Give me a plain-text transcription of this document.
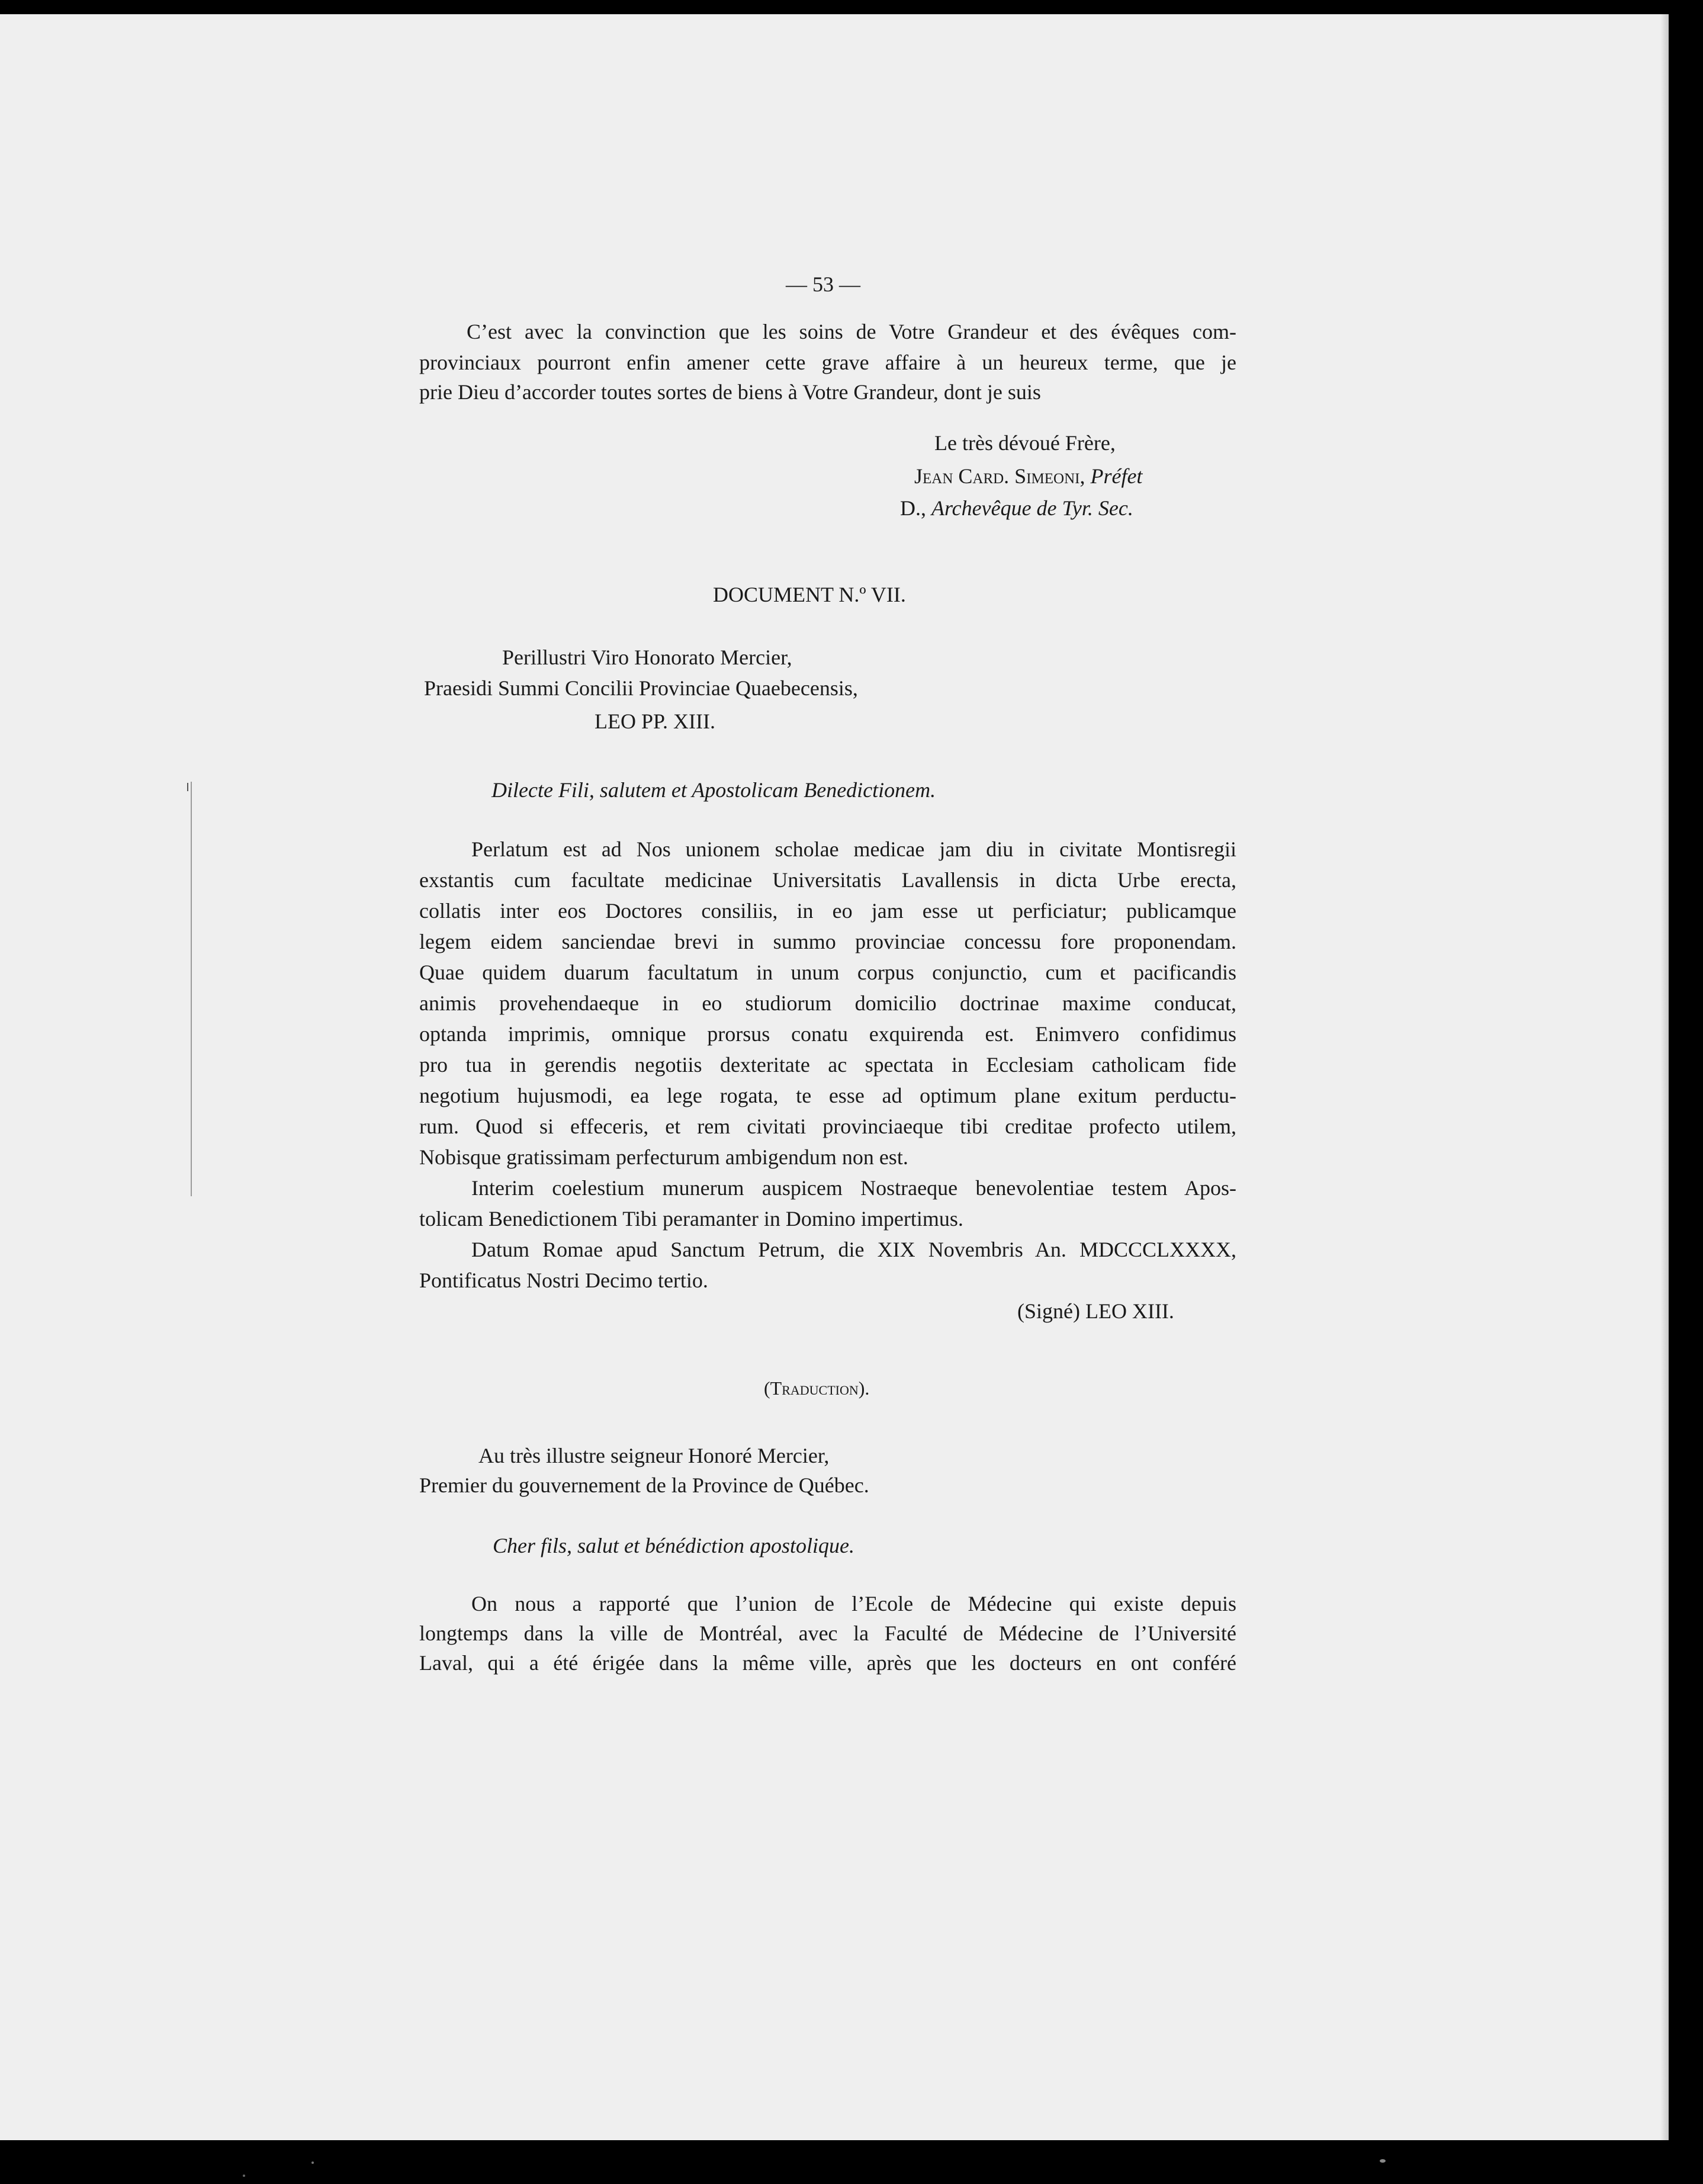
— 53 —
C’est avec la convinction que les soins de Votre Grandeur et des évêques com-
provinciaux pourront enfin amener cette grave affaire à un heureux terme, que je
prie Dieu d’accorder toutes sortes de biens à Votre Grandeur, dont je suis
Le très dévoué Frère,
Jean Card. Simeoni, Préfet
D., Archevêque de Tyr. Sec.
DOCUMENT N.º VII.
Perillustri Viro Honorato Mercier,
Praesidi Summi Concilii Provinciae Quaebecensis,
LEO PP. XIII.
Dilecte Fili, salutem et Apostolicam Benedictionem.
Perlatum est ad Nos unionem scholae medicae jam diu in civitate Montisregii
exstantis cum facultate medicinae Universitatis Lavallensis in dicta Urbe erecta,
collatis inter eos Doctores consiliis, in eo jam esse ut perficiatur; publicamque
legem eidem sanciendae brevi in summo provinciae concessu fore proponendam.
Quae quidem duarum facultatum in unum corpus conjunctio, cum et pacificandis
animis provehendaeque in eo studiorum domicilio doctrinae maxime conducat,
optanda imprimis, omnique prorsus conatu exquirenda est. Enimvero confidimus
pro tua in gerendis negotiis dexteritate ac spectata in Ecclesiam catholicam fide
negotium hujusmodi, ea lege rogata, te esse ad optimum plane exitum perductu-
rum. Quod si effeceris, et rem civitati provinciaeque tibi creditae profecto utilem,
Nobisque gratissimam perfecturum ambigendum non est.
Interim coelestium munerum auspicem Nostraeque benevolentiae testem Apos-
tolicam Benedictionem Tibi peramanter in Domino impertimus.
Datum Romae apud Sanctum Petrum, die XIX Novembris An. MDCCCLXXXX,
Pontificatus Nostri Decimo tertio.
(Signé) LEO XIII.
(Traduction).
Au très illustre seigneur Honoré Mercier,
Premier du gouvernement de la Province de Québec.
Cher fils, salut et bénédiction apostolique.
On nous a rapporté que l’union de l’Ecole de Médecine qui existe depuis
longtemps dans la ville de Montréal, avec la Faculté de Médecine de l’Université
Laval, qui a été érigée dans la même ville, après que les docteurs en ont conféré
